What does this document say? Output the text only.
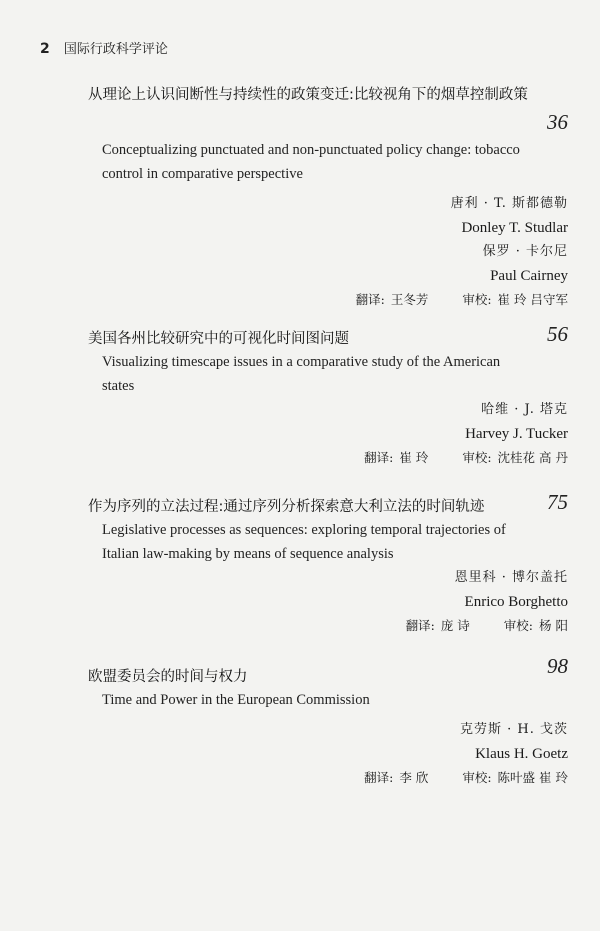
2 国际行政科学评论
从理论上认识间断性与持续性的政策变迁:比较视角下的烟草控制政策
36
Conceptualizing punctuated and non-punctuated policy change: tobacco
control in comparative perspective
唐利 · T. 斯都德勒
Donley T. Studlar
保罗 · 卡尔尼
Paul Cairney
翻译: 王冬芳	审校: 崔 玲 吕守军
美国各州比较研究中的可视化时间图问题	56
Visualizing timescape issues in a comparative study of the American
states
哈维 · J. 塔克
Harvey J. Tucker
翻译: 崔 玲	审校: 沈桂花 高 丹
作为序列的立法过程:通过序列分析探索意大利立法的时间轨迹	75
Legislative processes as sequences: exploring temporal trajectories of
Italian law-making by means of sequence analysis
恩里科 · 博尔盖托
Enrico Borghetto
翻译: 庞 诗	审校: 杨 阳
欧盟委员会的时间与权力	98
Time and Power in the European Commission
克劳斯 · H. 戈茨
Klaus H. Goetz
翻译: 李 欣	审校: 陈叶盛 崔 玲
